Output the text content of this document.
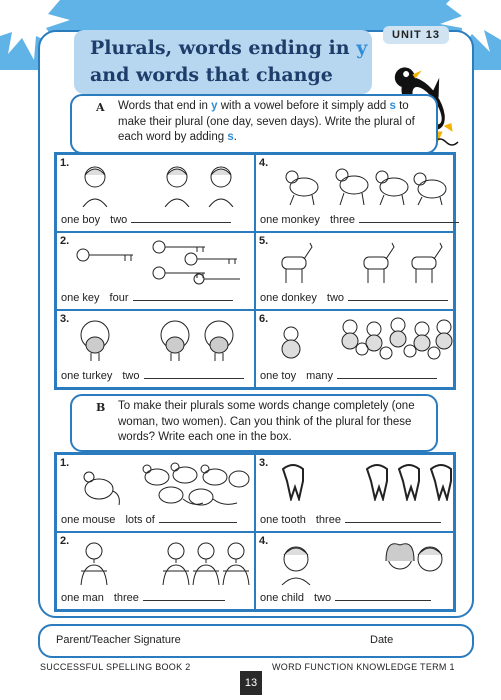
UNIT 13
Plurals, words ending in y
and words that change
A Words that end in y with a vowel before it simply add s to make their plural (one day, seven days). Write the plural of each word by adding s.
1.
one boy two
4.
one monkey three
2.
one key four
5.
one donkey two
3.
one turkey two
6.
one toy many
B To make their plurals some words change completely (one woman, two women). Can you think of the plural for these words? Write each one in the box.
1.
one mouse lots of
3.
one tooth three
2.
one man three
4.
one child two
Parent/Teacher Signature	Date
SUCCESSFUL SPELLING BOOK 2
13
WORD FUNCTION KNOWLEDGE TERM 1
